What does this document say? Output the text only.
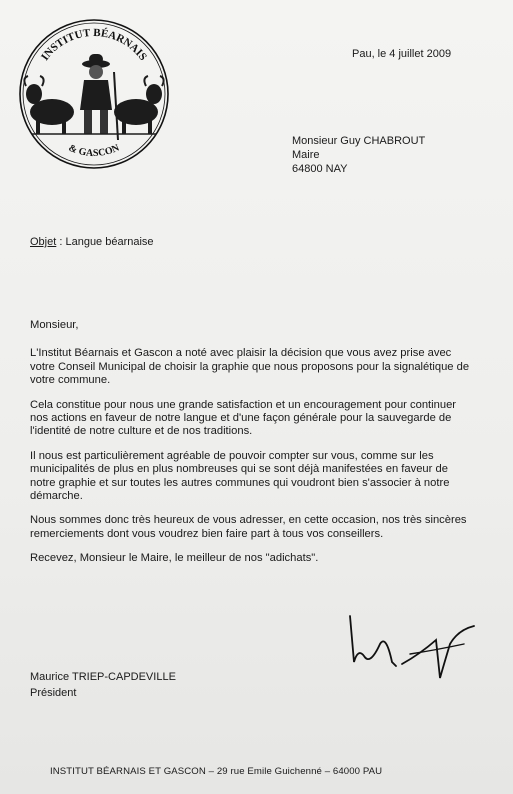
INSTITUT BÉARNAIS
& GASCON
Pau, le 4 juillet 2009
Monsieur Guy CHABROUT
Maire
64800 NAY
Objet : Langue béarnaise

Monsieur,

L'Institut Béarnais et Gascon a noté avec plaisir la décision que vous avez prise avec votre Conseil Municipal de choisir la graphie que nous proposons pour la signalétique de votre commune.

Cela constitue pour nous une grande satisfaction et un encouragement pour continuer nos actions en faveur de notre langue et d'une façon générale pour la sauvegarde de l'identité de notre culture et de nos traditions.

Il nous est particulièrement agréable de pouvoir compter sur vous, comme sur les municipalités de plus en plus nombreuses qui se sont déjà manifestées en faveur de notre graphie et sur toutes les autres communes qui voudront bien s'associer à notre démarche.

Nous sommes donc très heureux de vous adresser, en cette occasion, nos très sincères remerciements dont vous voudrez bien faire part à tous vos conseillers.

Recevez, Monsieur le Maire, le meilleur de nos "adichats".

Maurice TRIEP-CAPDEVILLE
Président
INSTITUT BÉARNAIS ET GASCON – 29 rue Emile Guichenné – 64000 PAU
